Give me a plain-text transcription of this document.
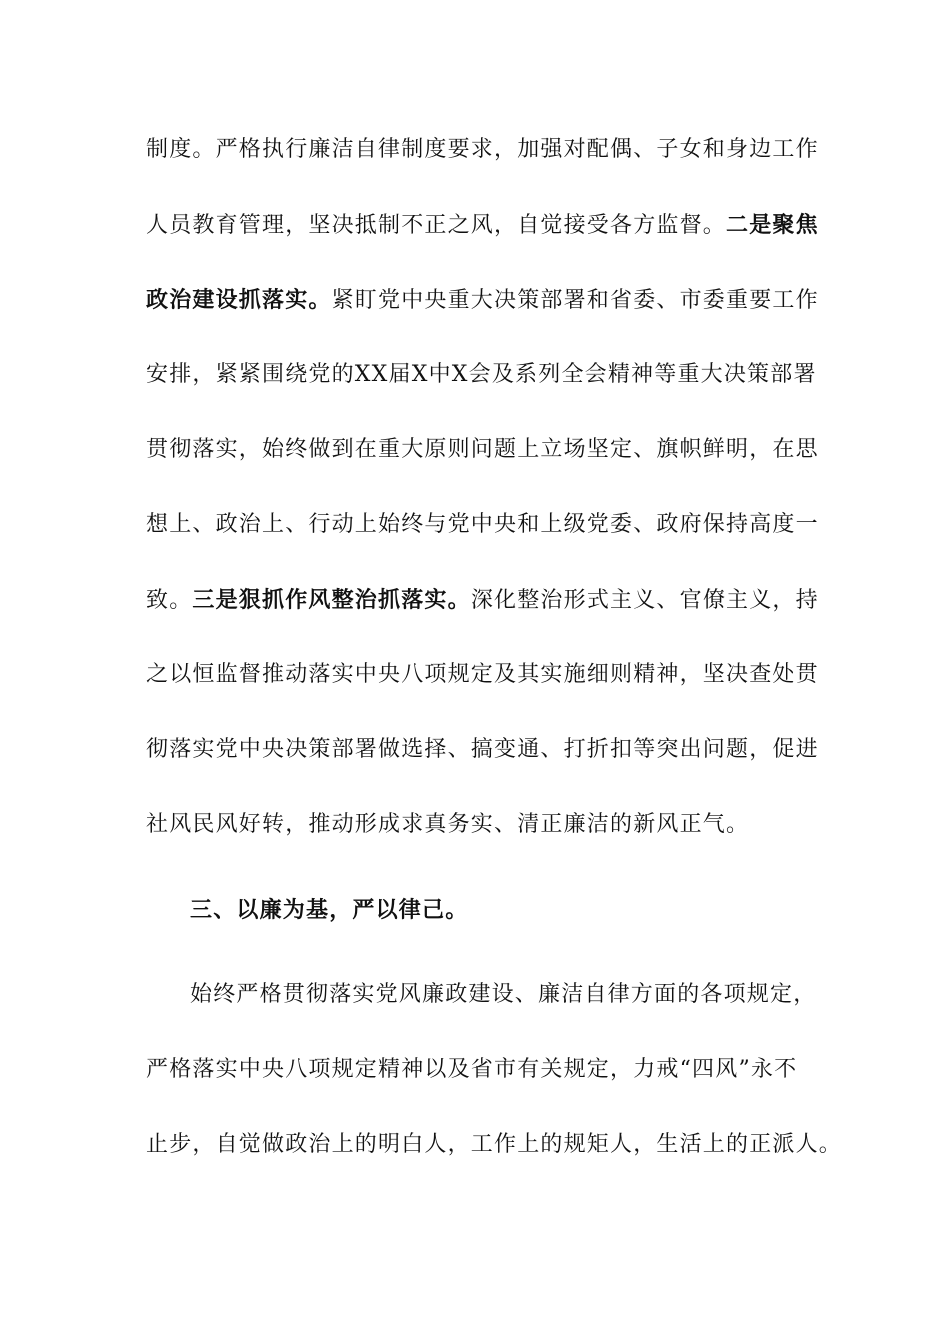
制度。严格执行廉洁自律制度要求，加强对配偶、子女和身边工作
人员教育管理，坚决抵制不正之风，自觉接受各方监督。二是聚焦
政治建设抓落实。紧盯党中央重大决策部署和省委、市委重要工作
安排，紧紧围绕党的XX届X中X会及系列全会精神等重大决策部署
贯彻落实，始终做到在重大原则问题上立场坚定、旗帜鲜明，在思
想上、政治上、行动上始终与党中央和上级党委、政府保持高度一
致。三是狠抓作风整治抓落实。深化整治形式主义、官僚主义，持
之以恒监督推动落实中央八项规定及其实施细则精神，坚决查处贯
彻落实党中央决策部署做选择、搞变通、打折扣等突出问题，促进
社风民风好转，推动形成求真务实、清正廉洁的新风正气。
三、以廉为基，严以律己。
始终严格贯彻落实党风廉政建设、廉洁自律方面的各项规定，
严格落实中央八项规定精神以及省市有关规定，力戒“四风”永不
止步，自觉做政治上的明白人，工作上的规矩人，生活上的正派人。
